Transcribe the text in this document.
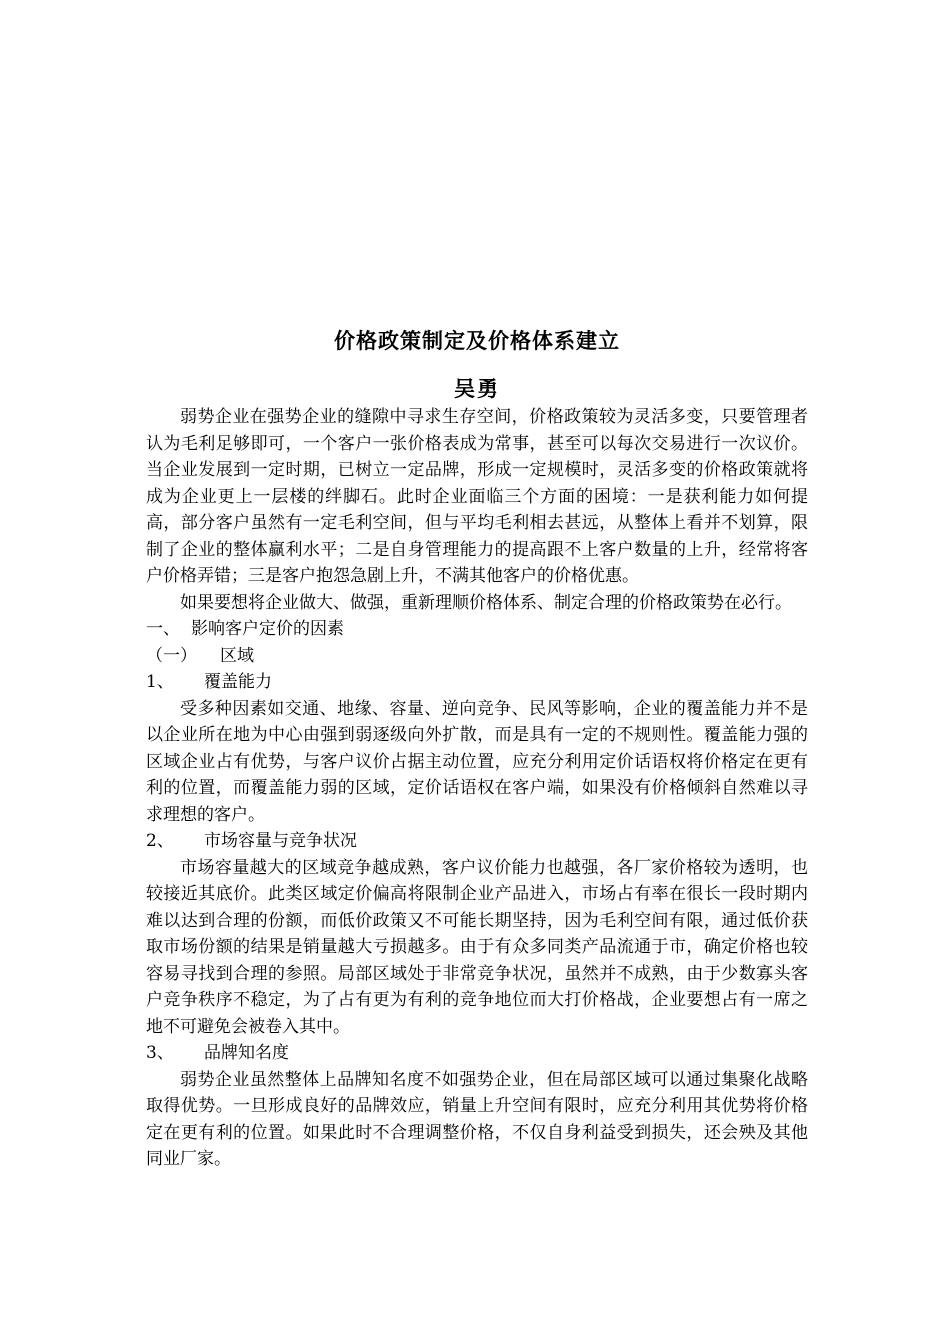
价格政策制定及价格体系建立
吴勇

弱势企业在强势企业的缝隙中寻求生存空间，价格政策较为灵活多变，只要管理者认为毛利足够即可，一个客户一张价格表成为常事，甚至可以每次交易进行一次议价。当企业发展到一定时期，已树立一定品牌，形成一定规模时，灵活多变的价格政策就将成为企业更上一层楼的绊脚石。此时企业面临三个方面的困境：一是获利能力如何提高，部分客户虽然有一定毛利空间，但与平均毛利相去甚远，从整体上看并不划算，限制了企业的整体赢利水平；二是自身管理能力的提高跟不上客户数量的上升，经常将客户价格弄错；三是客户抱怨急剧上升，不满其他客户的价格优惠。

如果要想将企业做大、做强，重新理顺价格体系、制定合理的价格政策势在必行。

一、 影响客户定价的因素
（一） 区域
1、 覆盖能力

受多种因素如交通、地缘、容量、逆向竞争、民风等影响，企业的覆盖能力并不是以企业所在地为中心由强到弱逐级向外扩散，而是具有一定的不规则性。覆盖能力强的区域企业占有优势，与客户议价占据主动位置，应充分利用定价话语权将价格定在更有利的位置，而覆盖能力弱的区域，定价话语权在客户端，如果没有价格倾斜自然难以寻求理想的客户。

2、 市场容量与竞争状况

市场容量越大的区域竞争越成熟，客户议价能力也越强，各厂家价格较为透明，也较接近其底价。此类区域定价偏高将限制企业产品进入，市场占有率在很长一段时期内难以达到合理的份额，而低价政策又不可能长期坚持，因为毛利空间有限，通过低价获取市场份额的结果是销量越大亏损越多。由于有众多同类产品流通于市，确定价格也较容易寻找到合理的参照。局部区域处于非常竞争状况，虽然并不成熟，由于少数寡头客户竞争秩序不稳定，为了占有更为有利的竞争地位而大打价格战，企业要想占有一席之地不可避免会被卷入其中。

3、 品牌知名度

弱势企业虽然整体上品牌知名度不如强势企业，但在局部区域可以通过集聚化战略取得优势。一旦形成良好的品牌效应，销量上升空间有限时，应充分利用其优势将价格定在更有利的位置。如果此时不合理调整价格，不仅自身利益受到损失，还会殃及其他同业厂家。
